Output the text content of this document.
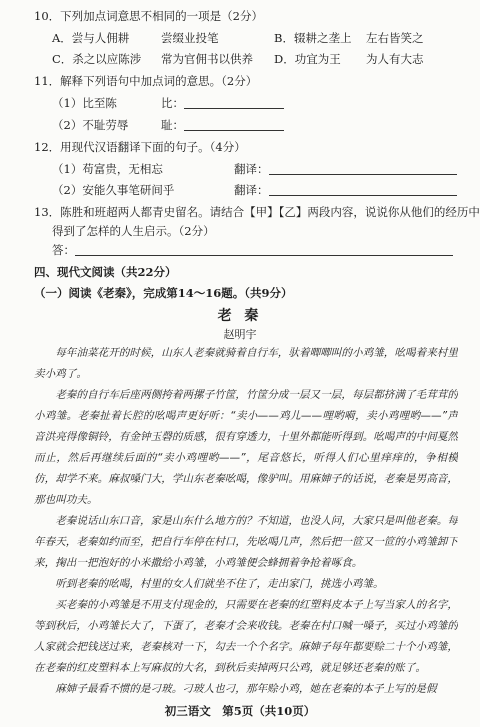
10．下列加点词意思不相同的一项是（2分）
A．尝与人佣耕	尝缀业投笔	B．辍耕之垄上 左右皆笑之
C．杀之以应陈涉 常为官佣书以供养 D．功宜为王 为人有大志
11．解释下列语句中加点词的意思。（2分）
（1）比至陈	比：
（2）不耻劳辱	耻：
12．用现代汉语翻译下面的句子。（4分）
（1）苟富贵，无相忘	翻译：
（2）安能久事笔研间乎	翻译：
13．陈胜和班超两人都青史留名。请结合【甲】【乙】两段内容，说说你从他们的经历中
得到了怎样的人生启示。（2分）
答：
四、现代文阅读（共22分）
（一）阅读《老秦》，完成第14～16题。（共9分）
老 秦
赵明宇

每年油菜花开的时候，山东人老秦就骑着自行车，驮着唧唧叫的小鸡雏，吆喝着来村里卖小鸡了。

老秦的自行车后座两侧挎着两摞子竹筐，竹筐分成一层又一层，每层都挤满了毛茸茸的小鸡雏。老秦扯着长腔的吆喝声更好听：“卖小——鸡儿——哩哟嗬，卖小鸡哩哟——”声音洪亮得像铜铃，有金钟玉磬的质感，很有穿透力，十里外都能听得到。吆喝声的中间戛然而止，然后再继续后面的“卖小鸡哩哟——”，尾音悠长，听得人们心里痒痒的，争相模仿，却学不来。麻叔嗓门大，学山东老秦吆喝，像驴叫。用麻婶子的话说，老秦是男高音，那也叫功夫。

老秦说话山东口音，家是山东什么地方的？不知道，也没人问，大家只是叫他老秦。每年春天，老秦如约而至，把自行车停在村口，先吆喝几声，然后把一笸又一笸的小鸡雏卸下来，掬出一把泡好的小米撒给小鸡雏，小鸡雏便会蜂拥着争抢着啄食。

听到老秦的吆喝，村里的女人们就坐不住了，走出家门，挑选小鸡雏。

买老秦的小鸡雏是不用支付现金的，只需要在老秦的红塑料皮本子上写当家人的名字，等到秋后，小鸡雏长大了，下蛋了，老秦才会来收钱。老秦在村口喊一嗓子，买过小鸡雏的人家就会把钱送过来，老秦核对一下，勾去一个个名字。麻婶子每年都要赊二十个小鸡雏，在老秦的红皮塑料本上写麻叔的大名，到秋后卖掉两只公鸡，就足够还老秦的账了。

麻婶子最看不惯的是刁玻。刁玻人也刁，那年赊小鸡，她在老秦的本子上写的是假

初三语文　第5页（共10页）
